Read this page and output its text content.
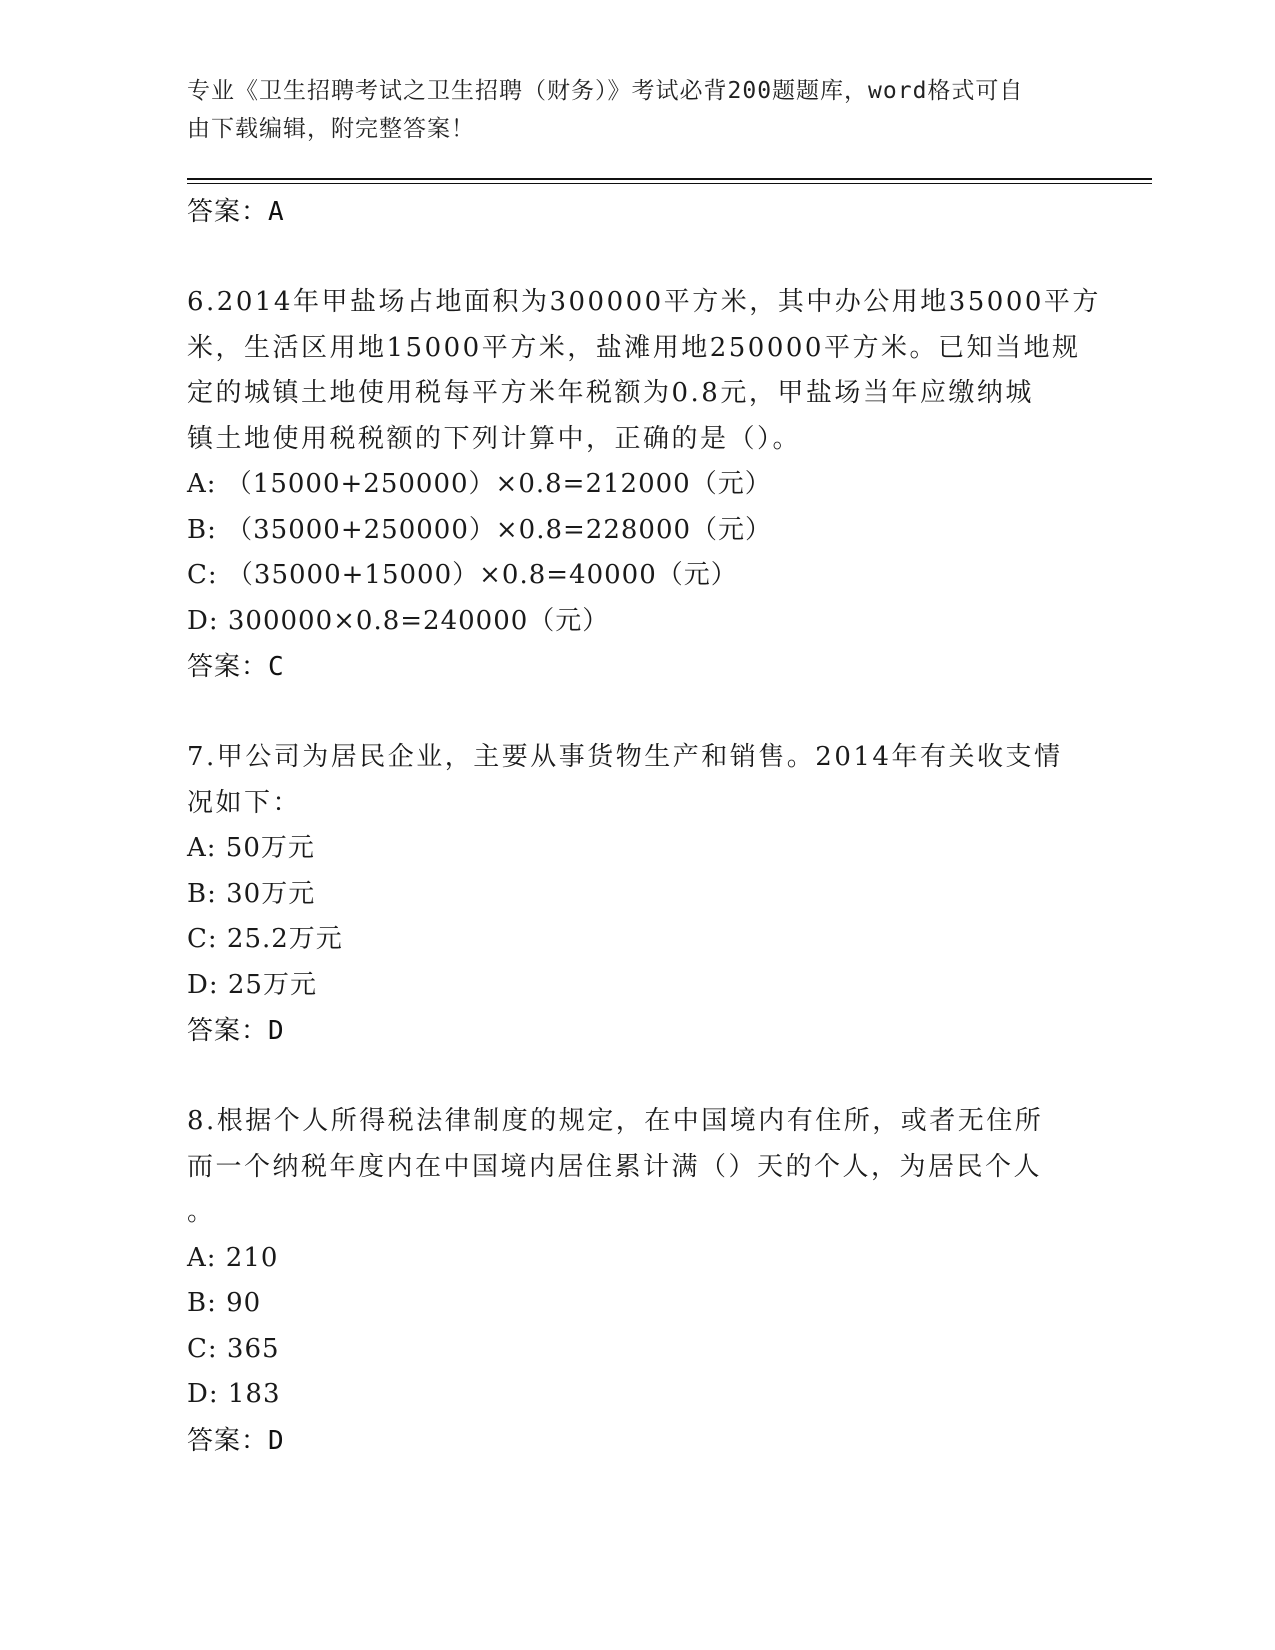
专业《卫生招聘考试之卫生招聘（财务）》考试必背200题题库，word格式可自
由下载编辑，附完整答案！
答案：A
6.2014年甲盐场占地面积为300000平方米，其中办公用地35000平方
米，生活区用地15000平方米，盐滩用地250000平方米。已知当地规
定的城镇土地使用税每平方米年税额为0.8元，甲盐场当年应缴纳城
镇土地使用税税额的下列计算中，正确的是（）。
A: （15000+250000）×0.8=212000（元）
B: （35000+250000）×0.8=228000（元）
C: （35000+15000）×0.8=40000（元）
D: 300000×0.8=240000（元）
答案：C
7.甲公司为居民企业，主要从事货物生产和销售。2014年有关收支情
况如下：
A: 50万元
B: 30万元
C: 25.2万元
D: 25万元
答案：D
8.根据个人所得税法律制度的规定，在中国境内有住所，或者无住所
而一个纳税年度内在中国境内居住累计满（）天的个人，为居民个人
。
A: 210
B: 90
C: 365
D: 183
答案：D
